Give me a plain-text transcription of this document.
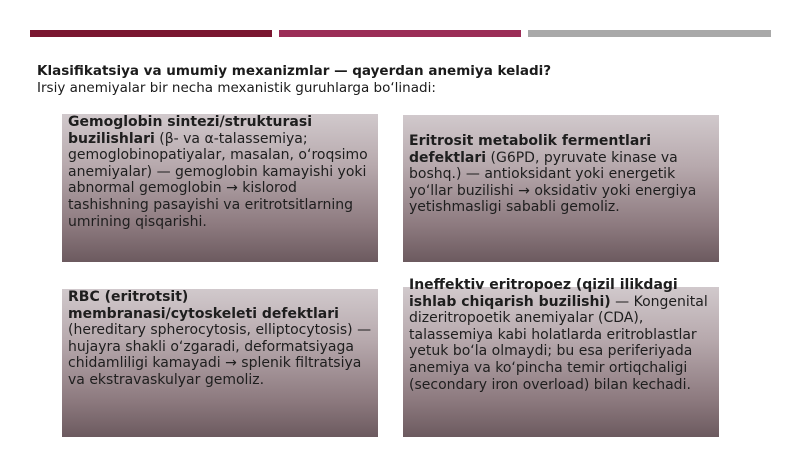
Klasifikatsiya va umumiy mexanizmlar — qayerdan anemiya keladi?
Irsiy anemiyalar bir necha mexanistik guruhlarga bo‘linadi:
Gemoglobin sintezi/strukturasi buzilishlari (β- va α-talassemiya; gemoglobinopatiyalar, masalan, o‘roqsimo anemiyalar) — gemoglobin kamayishi yoki abnormal gemoglobin → kislorod tashishning pasayishi va eritrotsitlarning umrining qisqarishi.
Eritrosit metabolik fermentlari defektlari (G6PD, pyruvate kinase va boshq.) — antioksidant yoki energetik yo‘llar buzilishi → oksidativ yoki energiya yetishmasligi sababli gemoliz.
RBC (eritrotsit) membranasi/cytoskeleti defektlari (hereditary spherocytosis, elliptocytosis) — hujayra shakli o‘zgaradi, deformatsiyaga chidamliligi kamayadi → splenik filtratsiya va ekstravaskulyar gemoliz.
Ineffektiv eritropoez (qizil ilikdagi ishlab chiqarish buzilishi) — Kongenital dizeritropoetik anemiyalar (CDA), talassemiya kabi holatlarda eritroblastlar yetuk bo‘la olmaydi; bu esa periferiyada anemiya va ko‘pincha temir ortiqchaligi (secondary iron overload) bilan kechadi.
